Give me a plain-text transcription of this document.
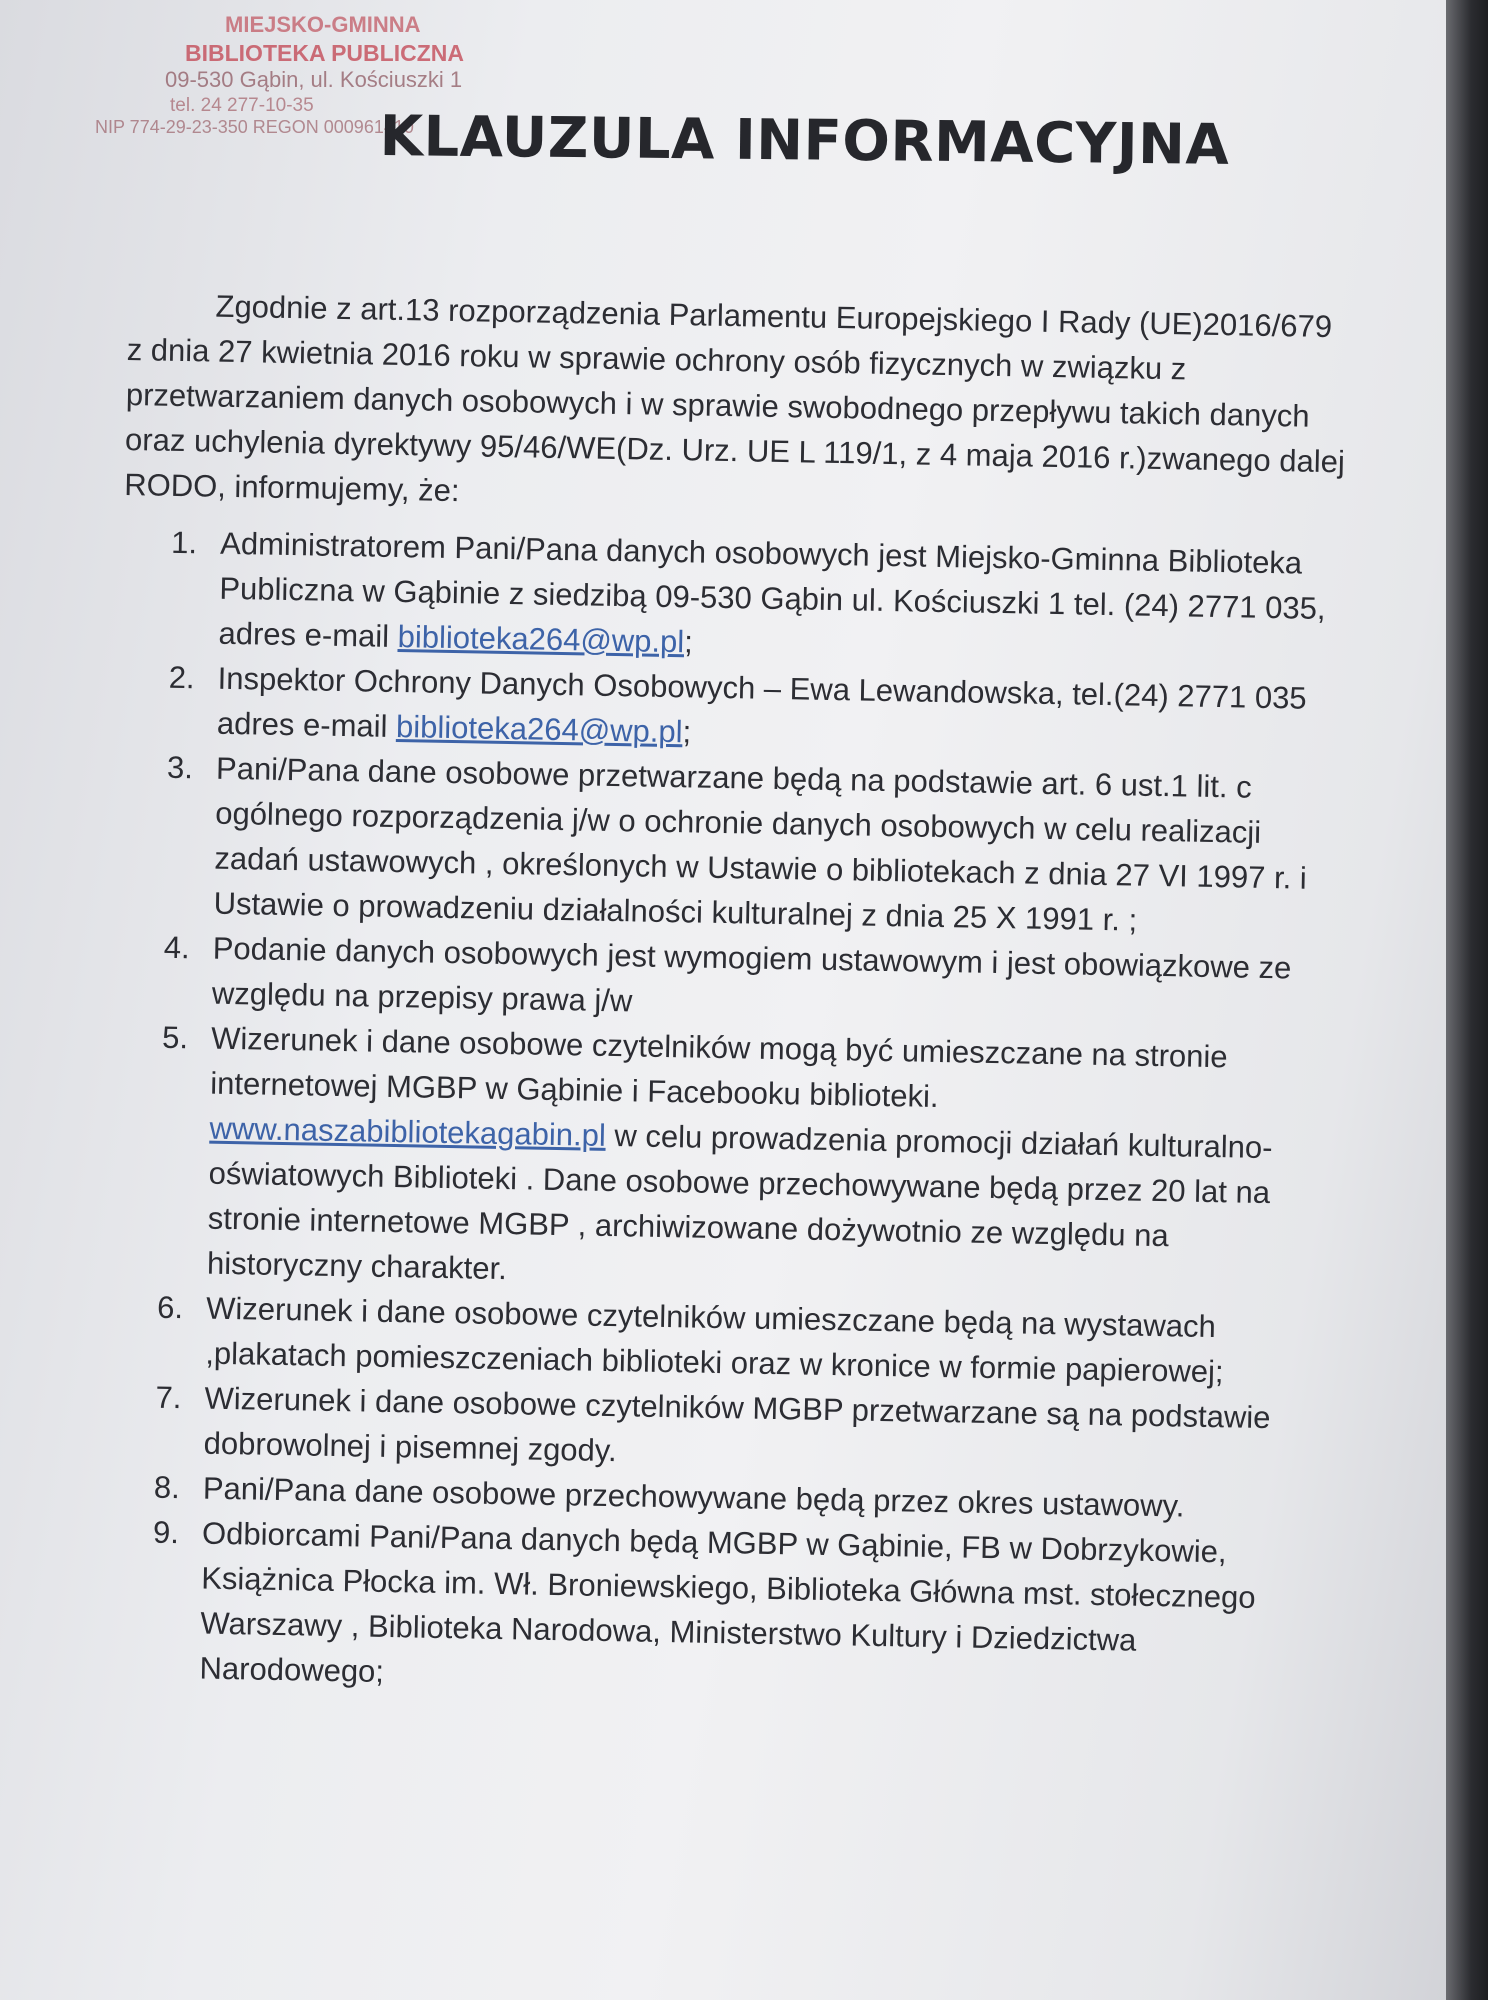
MIEJSKO-GMINNA
BIBLIOTEKA PUBLICZNA
09-530 Gąbin, ul. Kościuszki 1
tel. 24 277-10-35
NIP 774-29-23-350 REGON 000961410
KLAUZULA INFORMACYJNA

Zgodnie z art.13 rozporządzenia Parlamentu Europejskiego I Rady (UE)2016/679 z dnia 27 kwietnia 2016 roku w sprawie ochrony osób fizycznych w związku z przetwarzaniem danych osobowych i w sprawie swobodnego przepływu takich danych oraz uchylenia dyrektywy 95/46/WE(Dz. Urz. UE L 119/1, z 4 maja 2016 r.)zwanego dalej RODO, informujemy, że:

1. Administratorem Pani/Pana danych osobowych jest Miejsko-Gminna Biblioteka Publiczna w Gąbinie z siedzibą 09-530 Gąbin ul. Kościuszki 1 tel. (24) 2771 035, adres e-mail biblioteka264@wp.pl;
2. Inspektor Ochrony Danych Osobowych – Ewa Lewandowska, tel.(24) 2771 035 adres e-mail biblioteka264@wp.pl;
3. Pani/Pana dane osobowe przetwarzane będą na podstawie art. 6 ust.1 lit. c ogólnego rozporządzenia j/w o ochronie danych osobowych w celu realizacji zadań ustawowych , określonych w Ustawie o bibliotekach z dnia 27 VI 1997 r. i Ustawie o prowadzeniu działalności kulturalnej z dnia 25 X 1991 r. ;
4. Podanie danych osobowych jest wymogiem ustawowym i jest obowiązkowe ze względu na przepisy prawa j/w
5. Wizerunek i dane osobowe czytelników mogą być umieszczane na stronie internetowej MGBP w Gąbinie i Facebooku biblioteki. www.naszabibliotekagabin.pl w celu prowadzenia promocji działań kulturalno-oświatowych Biblioteki . Dane osobowe przechowywane będą przez 20 lat na stronie internetowe MGBP , archiwizowane dożywotnio ze względu na historyczny charakter.
6. Wizerunek i dane osobowe czytelników umieszczane będą na wystawach ,plakatach pomieszczeniach biblioteki oraz w kronice w formie papierowej;
7. Wizerunek i dane osobowe czytelników MGBP przetwarzane są na podstawie dobrowolnej i pisemnej zgody.
8. Pani/Pana dane osobowe przechowywane będą przez okres ustawowy.
9. Odbiorcami Pani/Pana danych będą MGBP w Gąbinie, FB w Dobrzykowie, Książnica Płocka im. Wł. Broniewskiego, Biblioteka Główna mst. stołecznego Warszawy , Biblioteka Narodowa, Ministerstwo Kultury i Dziedzictwa Narodowego;
